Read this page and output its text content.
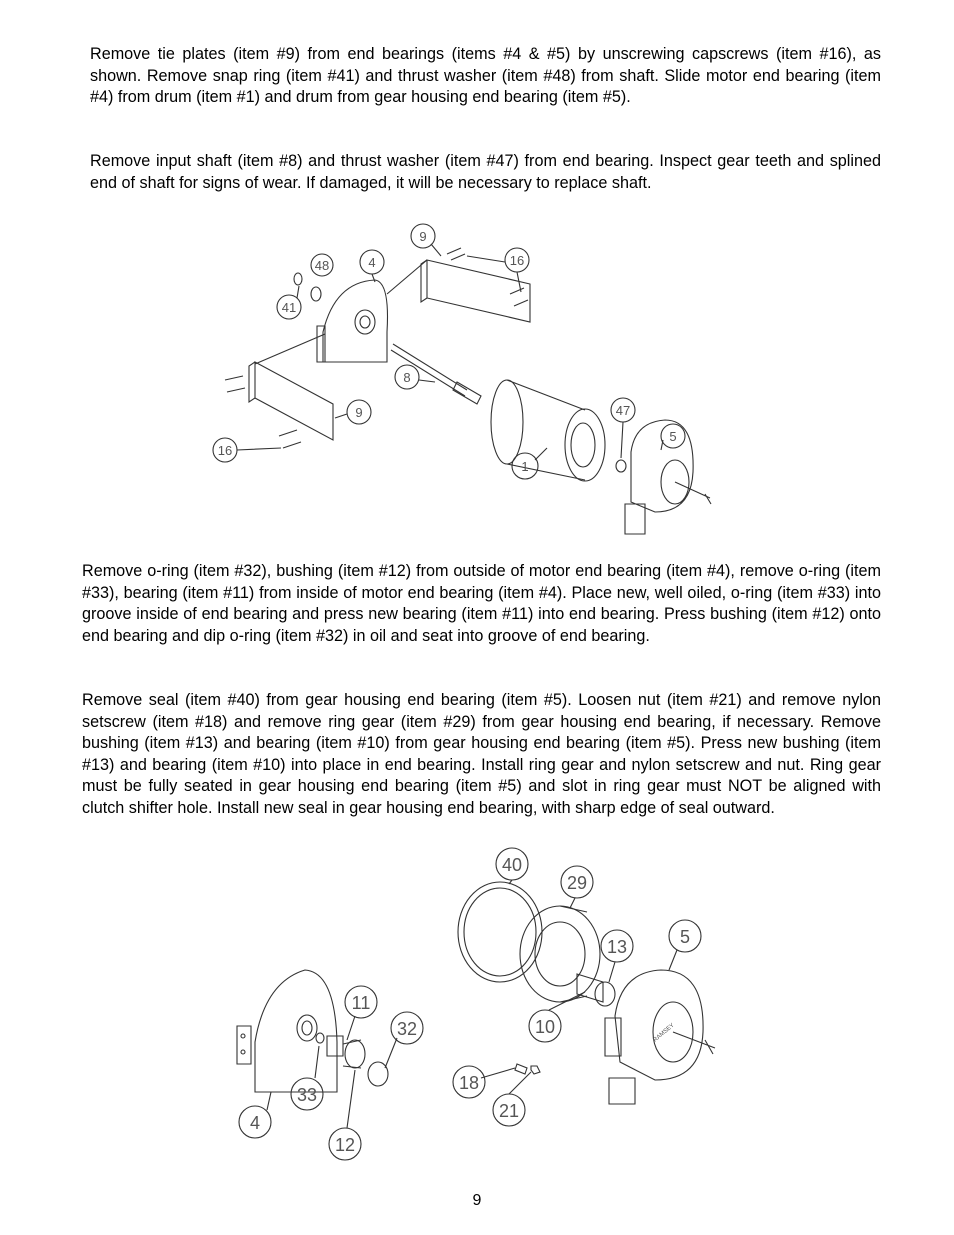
Remove tie plates (item #9) from end bearings (items #4 & #5) by unscrewing capscrews (item #16), as shown. Remove snap ring (item #41) and thrust washer (item #48) from shaft. Slide motor end bearing (item #4) from drum (item #1) and drum from gear housing end bearing (item #5).

Remove input shaft (item #8) and thrust washer (item #47) from end bearing. Inspect gear teeth and splined end of shaft for signs of wear. If damaged, it will be necessary to replace shaft.

9
48	4	16
41
8
9
16
47
5
1

Remove o-ring (item #32), bushing (item #12) from outside of motor end bearing (item #4), remove o-ring (item #33), bearing (item #11) from inside of motor end bearing (item #4). Place new, well oiled, o-ring (item #33) into groove inside of end bearing and press new bearing (item #11) into end bearing. Press bushing (item #12) onto end bearing and dip o-ring (item #32) in oil and seat into groove of end bearing.

Remove seal (item #40) from gear housing end bearing (item #5). Loosen nut (item #21) and remove nylon setscrew (item #18) and remove ring gear (item #29) from gear housing end bearing, if necessary. Remove bushing (item #13) and bearing (item #10) from gear housing end bearing (item #5). Press new bushing (item #13) and bearing (item #10) into place in end bearing. Install ring gear and nylon setscrew and nut. Ring gear must be fully seated in gear housing end bearing (item #5) and slot in ring gear must NOT be aligned with clutch shifter hole. Install new seal in gear housing end bearing, with sharp edge of seal outward.

40
29
13	5
11
32	10
33
4
18
21
12
RAMSEY
9
